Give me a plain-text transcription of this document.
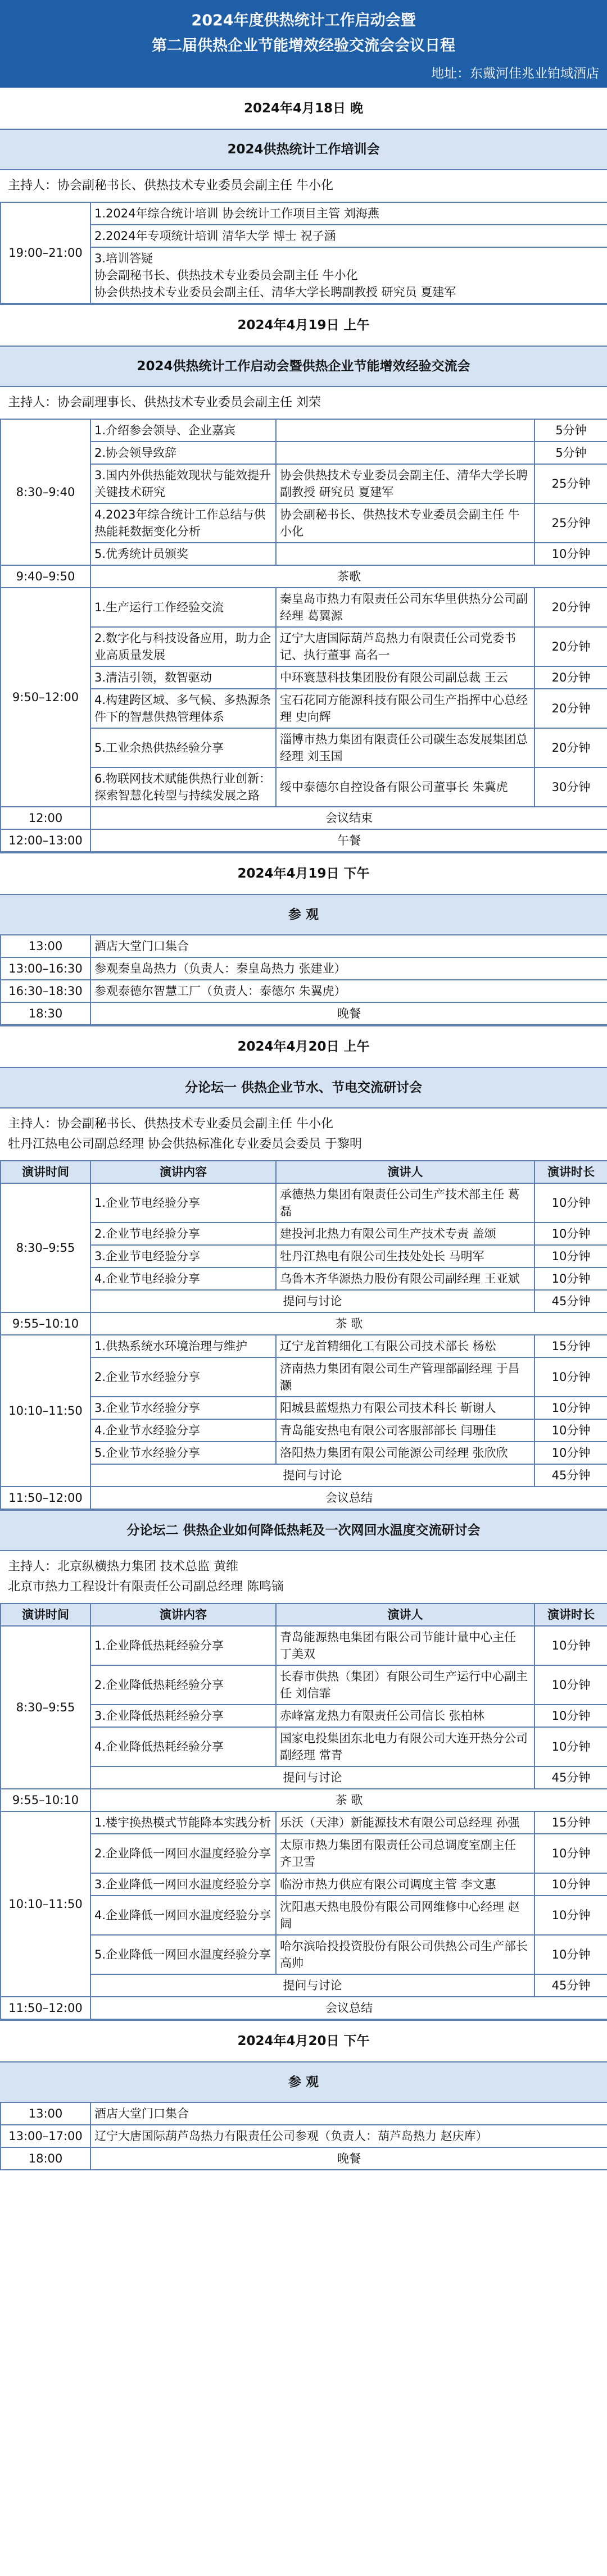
2024年度供热统计工作启动会暨
第二届供热企业节能增效经验交流会会议日程
地址：东戴河佳兆业铂域酒店
2024年4月18日 晚
2024供热统计工作培训会
主持人：协会副秘书长、供热技术专业委员会副主任 牛小化
19:00–21:00	1.2024年综合统计培训 协会统计工作项目主管 刘海燕
2.2024年专项统计培训 清华大学 博士 祝子涵
3.培训答疑
协会副秘书长、供热技术专业委员会副主任 牛小化
协会供热技术专业委员会副主任、清华大学长聘副教授 研究员 夏建军
2024年4月19日 上午
2024供热统计工作启动会暨供热企业节能增效经验交流会
主持人：协会副理事长、供热技术专业委员会副主任 刘荣
8:30–9:40	1.介绍参会领导、企业嘉宾		5分钟
	2.协会领导致辞		5分钟
	3.国内外供热能效现状与能效提升关键技术研究	协会供热技术专业委员会副主任、清华大学长聘副教授 研究员 夏建军	25分钟
	4.2023年综合统计工作总结与供热能耗数据变化分析	协会副秘书长、供热技术专业委员会副主任 牛小化	25分钟
	5.优秀统计员颁奖		10分钟
9:40–9:50	茶歌		
9:50–12:00	1.生产运行工作经验交流	秦皇岛市热力有限责任公司东华里供热分公司副经理 葛翼源	20分钟
	2.数字化与科技设备应用，助力企业高质量发展	辽宁大唐国际葫芦岛热力有限责任公司党委书记、执行董事 高名一	20分钟
	3.清洁引领，数智驱动	中环寰慧科技集团股份有限公司副总裁 王云	20分钟
	4.构建跨区域、多气候、多热源条件下的智慧供热管理体系	宝石花同方能源科技有限公司生产指挥中心总经理 史向辉	20分钟
	5.工业余热供热经验分享	淄博市热力集团有限责任公司碳生态发展集团总经理 刘玉国	20分钟
	6.物联网技术赋能供热行业创新：探索智慧化转型与持续发展之路	绥中泰德尔自控设备有限公司董事长 朱冀虎	30分钟
12:00	会议结束		
12:00–13:00	午餐		
2024年4月19日 下午
参 观
13:00	酒店大堂门口集合
13:00–16:30	参观秦皇岛热力（负责人：秦皇岛热力 张建业）
16:30–18:30	参观泰德尔智慧工厂（负责人：泰德尔 朱翼虎）
18:30	晚餐
2024年4月20日 上午
分论坛一 供热企业节水、节电交流研讨会
主持人：协会副秘书长、供热技术专业委员会副主任 牛小化
牡丹江热电公司副总经理 协会供热标准化专业委员会委员 于黎明
演讲时间	演讲内容	演讲人	演讲时长
8:30–9:55	1.企业节电经验分享	承德热力集团有限责任公司生产技术部主任 葛磊	10分钟
	2.企业节电经验分享	建投河北热力有限公司生产技术专责 盖颂	10分钟
	3.企业节电经验分享	牡丹江热电有限公司生技处处长 马明军	10分钟
	4.企业节电经验分享	乌鲁木齐华源热力股份有限公司副经理 王亚斌	10分钟
	提问与讨论		45分钟
9:55–10:10	茶 歌		
10:10–11:50	1.供热系统水环境治理与维护	辽宁龙首精细化工有限公司技术部长 杨松	15分钟
	2.企业节水经验分享	济南热力集团有限公司生产管理部副经理 于昌灏	10分钟
	3.企业节水经验分享	阳城县蓝煜热力有限公司技术科长 靳谢人	10分钟
	4.企业节水经验分享	青岛能安热电有限公司客服部部长 闫珊佳	10分钟
	5.企业节水经验分享	洛阳热力集团有限公司能源公司经理 张欣欣	10分钟
	提问与讨论		45分钟
11:50–12:00	会议总结		
分论坛二 供热企业如何降低热耗及一次网回水温度交流研讨会
主持人：北京纵横热力集团 技术总监 黄维
北京市热力工程设计有限责任公司副总经理 陈鸣镝
演讲时间	演讲内容	演讲人	演讲时长
8:30–9:55	1.企业降低热耗经验分享	青岛能源热电集团有限公司节能计量中心主任 丁美双	10分钟
	2.企业降低热耗经验分享	长春市供热（集团）有限公司生产运行中心副主任 刘信霏	10分钟
	3.企业降低热耗经验分享	赤峰富龙热力有限责任公司信长 张柏林	10分钟
	4.企业降低热耗经验分享	国家电投集团东北电力有限公司大连开热分公司副经理 常青	10分钟
	提问与讨论		45分钟
9:55–10:10	茶 歌		
10:10–11:50	1.楼宇换热模式节能降本实践分析	乐沃（天津）新能源技术有限公司总经理 孙强	15分钟
	2.企业降低一网回水温度经验分享	太原市热力集团有限责任公司总调度室副主任 齐卫雪	10分钟
	3.企业降低一网回水温度经验分享	临汾市热力供应有限公司调度主管 李文惠	10分钟
	4.企业降低一网回水温度经验分享	沈阳惠天热电股份有限公司网维修中心经理 赵阔	10分钟
	5.企业降低一网回水温度经验分享	哈尔滨哈投投资股份有限公司供热公司生产部长 高帅	10分钟
	提问与讨论		45分钟
11:50–12:00	会议总结		
2024年4月20日 下午
参 观
13:00	酒店大堂门口集合
13:00–17:00	辽宁大唐国际葫芦岛热力有限责任公司参观（负责人：葫芦岛热力 赵庆库）
18:00	晚餐
